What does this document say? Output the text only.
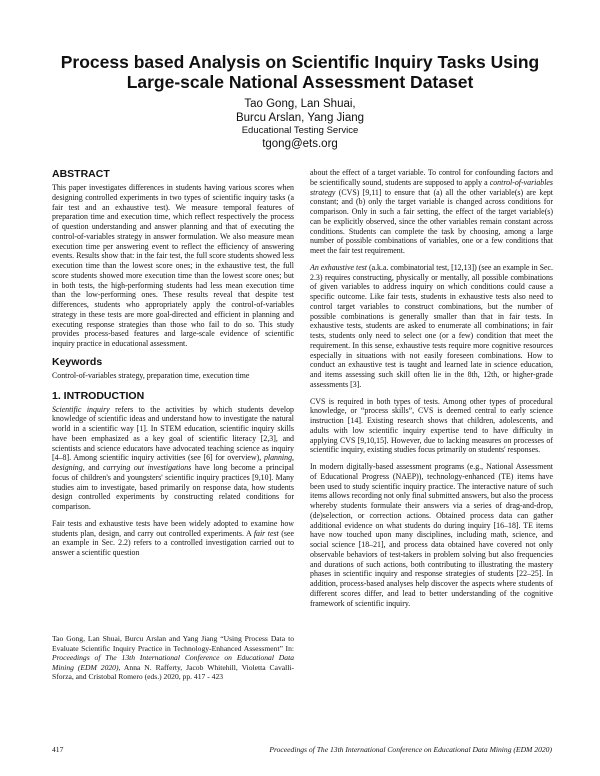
Process based Analysis on Scientific Inquiry Tasks Using
Large-scale National Assessment Dataset
Tao Gong, Lan Shuai,
Burcu Arslan, Yang Jiang
Educational Testing Service
tgong@ets.org
ABSTRACT

This paper investigates differences in students having various scores when designing controlled experiments in two types of scientific inquiry tasks (a fair test and an exhaustive test). We measure temporal features of preparation time and execution time, which reflect respectively the process of question understanding and answer planning and that of executing the control-of-variables strategy in answer formulation. We also measure mean execution time per answering event to reflect the efficiency of answering events. Results show that: in the fair test, the full score students showed less execution time than the lowest score ones; in the exhaustive test, the full score students showed more execution time than the lowest score ones; but in both tests, the high-performing students had less mean execution time than the low-performing ones. These results reveal that despite test differences, students who appropriately apply the control-of-variables strategy in these tests are more goal-directed and efficient in planning and executing response strategies than those who fail to do so. This study provides process-based features and large-scale evidence of scientific inquiry practice in educational assessment.

Keywords

Control-of-variables strategy, preparation time, execution time

1. INTRODUCTION

Scientific inquiry refers to the activities by which students develop knowledge of scientific ideas and understand how to investigate the natural world in a scientific way [1]. In STEM education, scientific inquiry skills have been emphasized as a key goal of scientific literacy [2,3], and scientists and science educators have advocated teaching science as inquiry [4–8]. Among scientific inquiry activities (see [6] for overview), planning, designing, and carrying out investigations have long become a principal focus of children's and youngsters' scientific inquiry practices [9,10]. Many studies aim to investigate, based primarily on response data, how students design controlled experiments by constructing related conditions for comparison.

Fair tests and exhaustive tests have been widely adopted to examine how students plan, design, and carry out controlled experiments. A fair test (see an example in Sec. 2.2) refers to a controlled investigation carried out to answer a scientific question

Tao Gong, Lan Shuai, Burcu Arslan and Yang Jiang “Using Process Data to Evaluate Scientific Inquiry Practice in Technology-Enhanced Assessment” In: Proceedings of The 13th International Conference on Educational Data Mining (EDM 2020), Anna N. Rafferty, Jacob Whitehill, Violetta Cavalli-Sforza, and Cristobal Romero (eds.) 2020, pp. 417 - 423

about the effect of a target variable. To control for confounding factors and be scientifically sound, students are supposed to apply a control-of-variables strategy (CVS) [9,11] to ensure that (a) all the other variable(s) are kept constant; and (b) only the target variable is changed across conditions for comparison. Only in such a fair setting, the effect of the target variable(s) can be explicitly observed, since the other variables remain constant across conditions. Students can complete the task by choosing, among a large number of possible combinations of variables, one or a few conditions that meet the fair test requirement.

An exhaustive test (a.k.a. combinatorial test, [12,13]) (see an example in Sec. 2.3) requires constructing, physically or mentally, all possible combinations of given variables to address inquiry on which conditions could cause a specific outcome. Like fair tests, students in exhaustive tests also need to control target variables to construct combinations, but the number of possible combinations is generally smaller than that in fair tests. In exhaustive tests, students are asked to enumerate all combinations; in fair tests, students only need to select one (or a few) condition that meet the requirement. In this sense, exhaustive tests require more cognitive resources especially in situations with not easily foreseen combinations. How to conduct an exhaustive test is taught and learned late in science education, and items assessing such skill often lie in the 8th, 12th, or higher-grade assessments [3].

CVS is required in both types of tests. Among other types of procedural knowledge, or “process skills”, CVS is deemed central to early science instruction [14]. Existing research shows that children, adolescents, and adults with low scientific inquiry expertise tend to have difficulty in applying CVS [9,10,15]. However, due to lacking measures on processes of scientific inquiry, existing studies focus primarily on students' responses.

In modern digitally-based assessment programs (e.g., National Assessment of Educational Progress (NAEP)), technology-enhanced (TE) items have been used to study scientific inquiry practice. The interactive nature of such items allows recording not only final submitted answers, but also the process whereby students formulate their answers via a series of drag-and-drop, (de)selection, or correction actions. Obtained process data can gather additional evidence on what students do during inquiry [16–18]. TE items have now touched upon many disciplines, including math, science, and social science [18–21], and process data obtained have covered not only observable behaviors of test-takers in problem solving but also frequencies and durations of such actions, both contributing to illustrating the mastery phases in scientific inquiry and response strategies of students [22–25]. In addition, process-based analyses help discover the aspects where students of different scores differ, and lead to better understanding of the cognitive framework of scientific inquiry.

417	Proceedings of The 13th International Conference on Educational Data Mining (EDM 2020)
